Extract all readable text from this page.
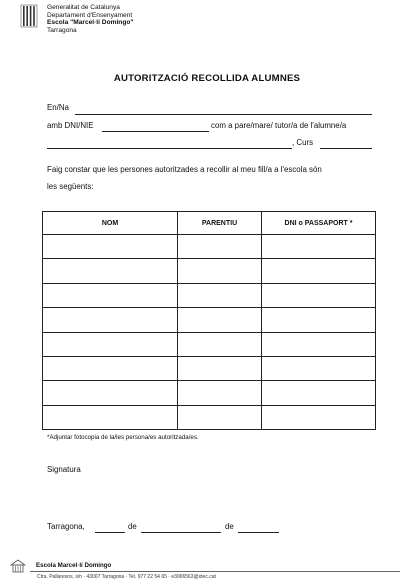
Generalitat de Catalunya
Departament d'Ensenyament
Escola "Marcel·lí Domingo"
Tarragona
AUTORITZACIÓ RECOLLIDA ALUMNES
En/Na
amb DNI/NIE	com a pare/mare/ tutor/a de l'alumne/a
, Curs
Faig constar que les persones autoritzades a recollir al meu fill/a a l'escola són
les següents:
NOM	PARENTIU	DNI o PASSAPORT *

*Adjuntar fotocopia de la/les persona/es autoritzada/es.
Signatura
Tarragona,	de	de
Escola Marcel·lí Domingo
Ctra. Pallaresos, s/n · 43007 Tarragona · Tel. 977 22 54 65 · e3006563@xtec.cat
